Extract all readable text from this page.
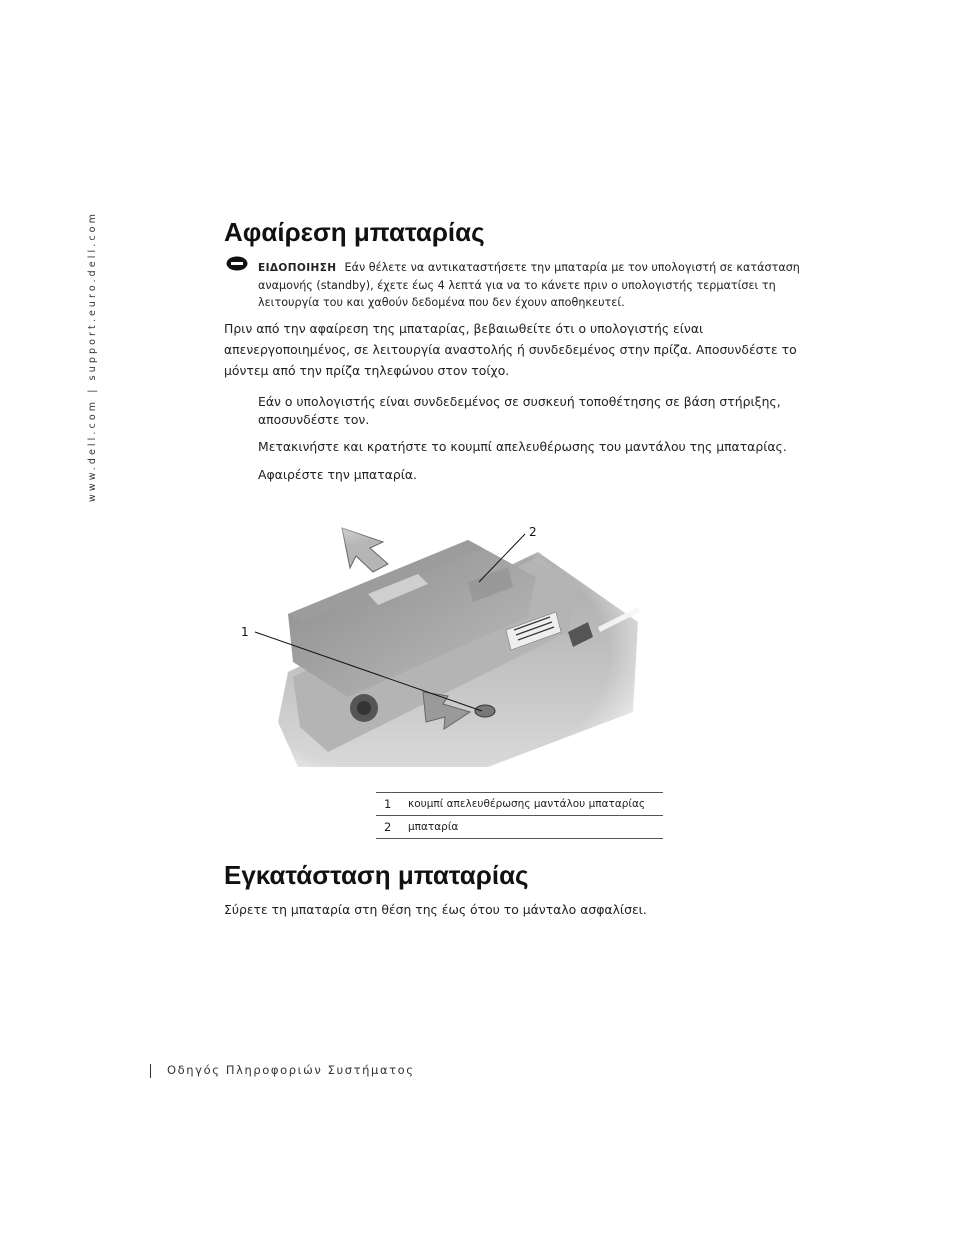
www.dell.com | support.euro.dell.com	Αφαίρεση μπαταρίας
ΕΙΔΟΠΟΙΗΣΗ Εάν θέλετε να αντικαταστήσετε την μπαταρία με τον υπολογιστή σε κατάσταση αναμονής (standby), έχετε έως 4 λεπτά για να το κάνετε πριν ο υπολογιστής τερματίσει τη λειτουργία του και χαθούν δεδομένα που δεν έχουν αποθηκευτεί.
Πριν από την αφαίρεση της μπαταρίας, βεβαιωθείτε ότι ο υπολογιστής είναι απενεργοποιημένος, σε λειτουργία αναστολής ή συνδεδεμένος στην πρίζα. Αποσυνδέστε το μόντεμ από την πρίζα τηλεφώνου στον τοίχο.
Εάν ο υπολογιστής είναι συνδεδεμένος σε συσκευή τοποθέτησης σε βάση στήριξης, αποσυνδέστε τον.
Μετακινήστε και κρατήστε το κουμπί απελευθέρωσης του μαντάλου της μπαταρίας.
Αφαιρέστε την μπαταρία.
1
2
1	κουμπί απελευθέρωσης μαντάλου μπαταρίας
2	μπαταρία
Εγκατάσταση μπαταρίας
Σύρετε τη μπαταρία στη θέση της έως ότου το μάνταλο ασφαλίσει.
Οδηγός Πληροφοριών Συστήματος
